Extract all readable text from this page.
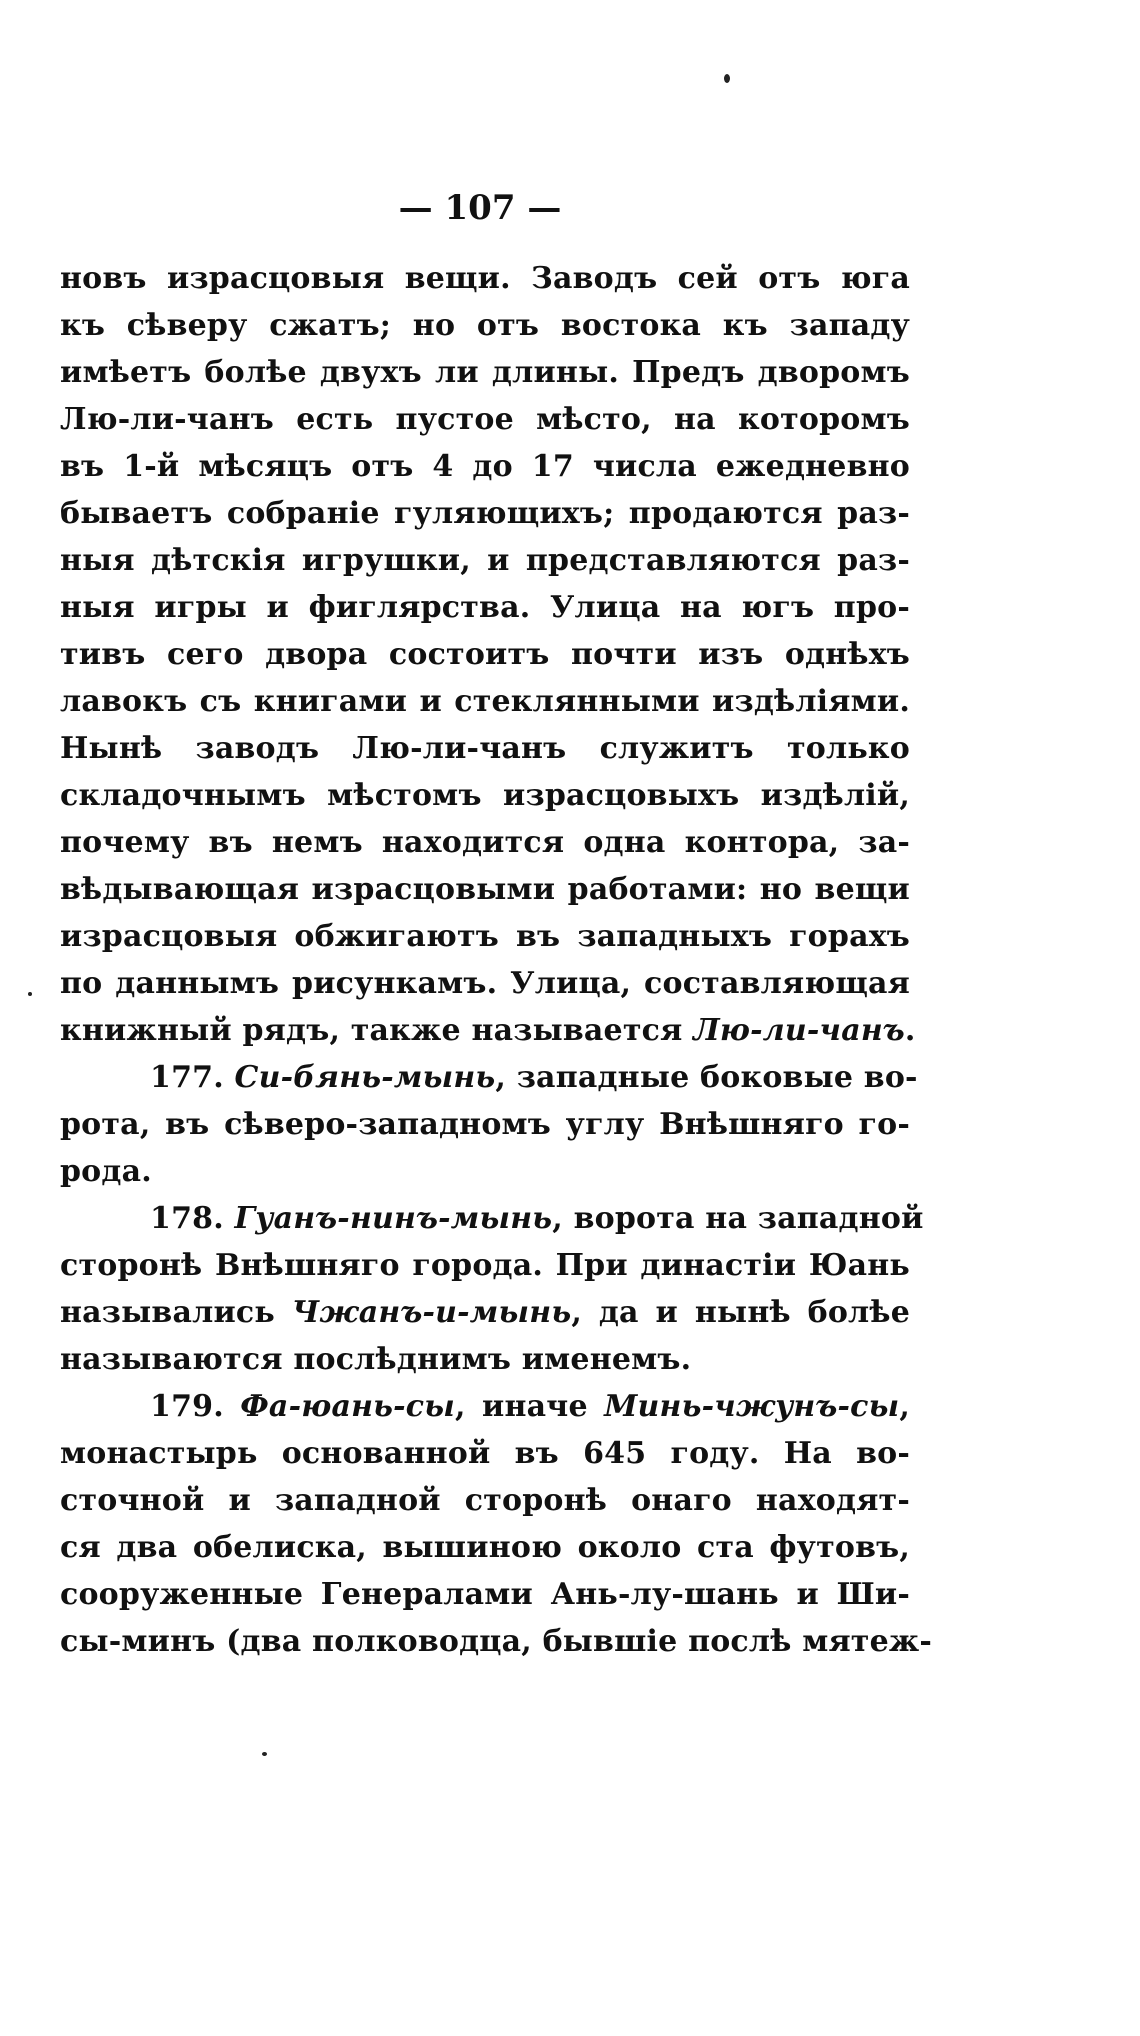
— 107 —
новъ израсцовыя вещи. Заводъ сей отъ юга
къ сѣверу сжатъ; но отъ востока къ западу
имѣетъ болѣе двухъ ли длины. Предъ дворомъ
Лю-ли-чанъ есть пустое мѣсто, на которомъ
въ 1-й мѣсяцъ отъ 4 до 17 числа ежедневно
бываетъ собраніе гуляющихъ; продаются раз-
ныя дѣтскія игрушки, и представляются раз-
ныя игры и фиглярства. Улица на югъ про-
тивъ сего двора состоитъ почти изъ однѣхъ
лавокъ съ книгами и стеклянными издѣліями.
Нынѣ заводъ Лю-ли-чанъ служитъ только
складочнымъ мѣстомъ израсцовыхъ издѣлій,
почему въ немъ находится одна контора, за-
вѣдывающая израсцовыми работами: но вещи
израсцовыя обжигаютъ въ западныхъ горахъ
по даннымъ рисункамъ. Улица, составляющая
книжный рядъ, также называется Лю-ли-чанъ.
177. Си-бянь-мынь, западные боковые во-
рота, въ сѣверо-западномъ углу Внѣшняго го-
рода.
178. Гуанъ-нинъ-мынь, ворота на западной
сторонѣ Внѣшняго города. При династіи Юань
назывались Чжанъ-и-мынь, да и нынѣ болѣе
называются послѣднимъ именемъ.
179. Фа-юань-сы, иначе Минь-чжунъ-сы,
монастырь основанной въ 645 году. На во-
сточной и западной сторонѣ онаго находят-
ся два обелиска, вышиною около ста футовъ,
сооруженные Генералами Ань-лу-шань и Ши-
сы-минъ (два полководца, бывшіе послѣ мятеж-
